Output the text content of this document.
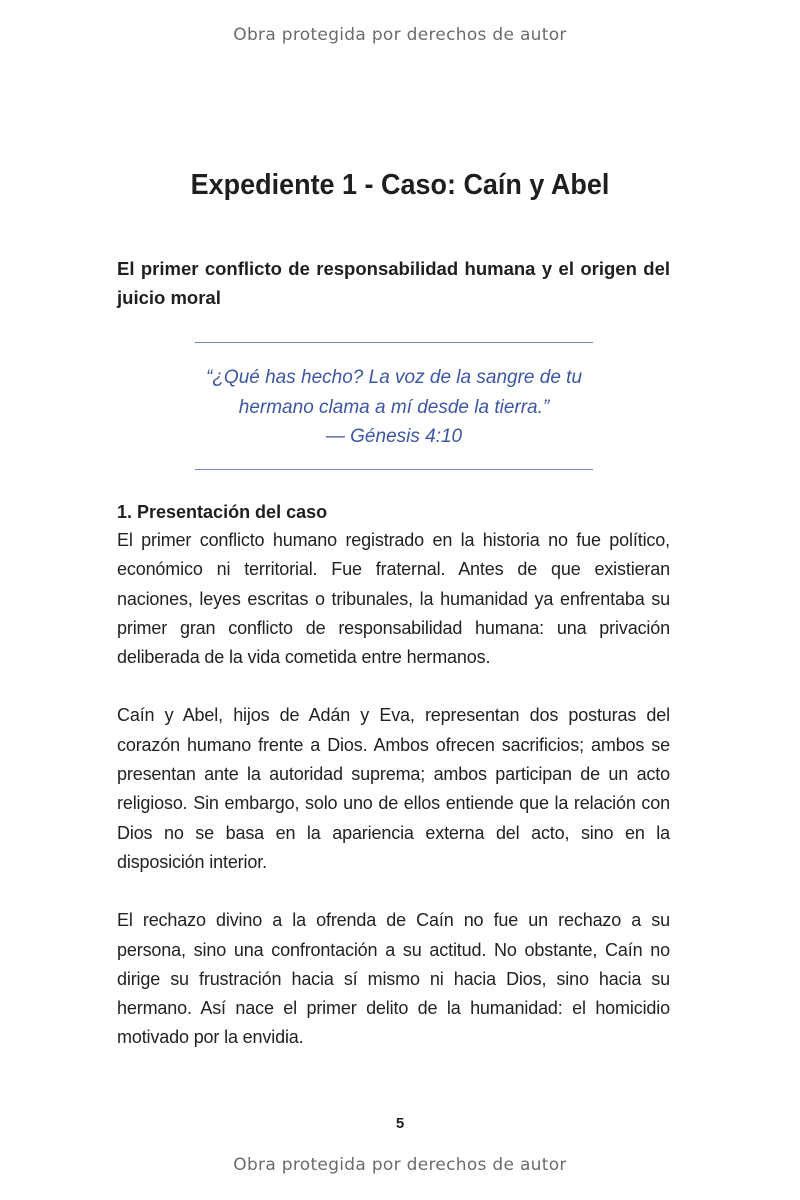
Obra protegida por derechos de autor
Expediente 1 - Caso: Caín y Abel
El primer conflicto de responsabilidad humana y el origen del juicio moral

“¿Qué has hecho? La voz de la sangre de tu

hermano clama a mí desde la tierra.”

— Génesis 4:10

1. Presentación del caso

El primer conflicto humano registrado en la historia no fue político, económico ni territorial. Fue fraternal. Antes de que existieran naciones, leyes escritas o tribunales, la humanidad ya enfrentaba su primer gran conflicto de responsabilidad humana: una privación deliberada de la vida cometida entre hermanos.

Caín y Abel, hijos de Adán y Eva, representan dos posturas del corazón humano frente a Dios. Ambos ofrecen sacrificios; ambos se presentan ante la autoridad suprema; ambos participan de un acto religioso. Sin embargo, solo uno de ellos entiende que la relación con Dios no se basa en la apariencia externa del acto, sino en la disposición interior.

El rechazo divino a la ofrenda de Caín no fue un rechazo a su persona, sino una confrontación a su actitud. No obstante, Caín no dirige su frustración hacia sí mismo ni hacia Dios, sino hacia su hermano. Así nace el primer delito de la humanidad: el homicidio motivado por la envidia.

5
Obra protegida por derechos de autor
